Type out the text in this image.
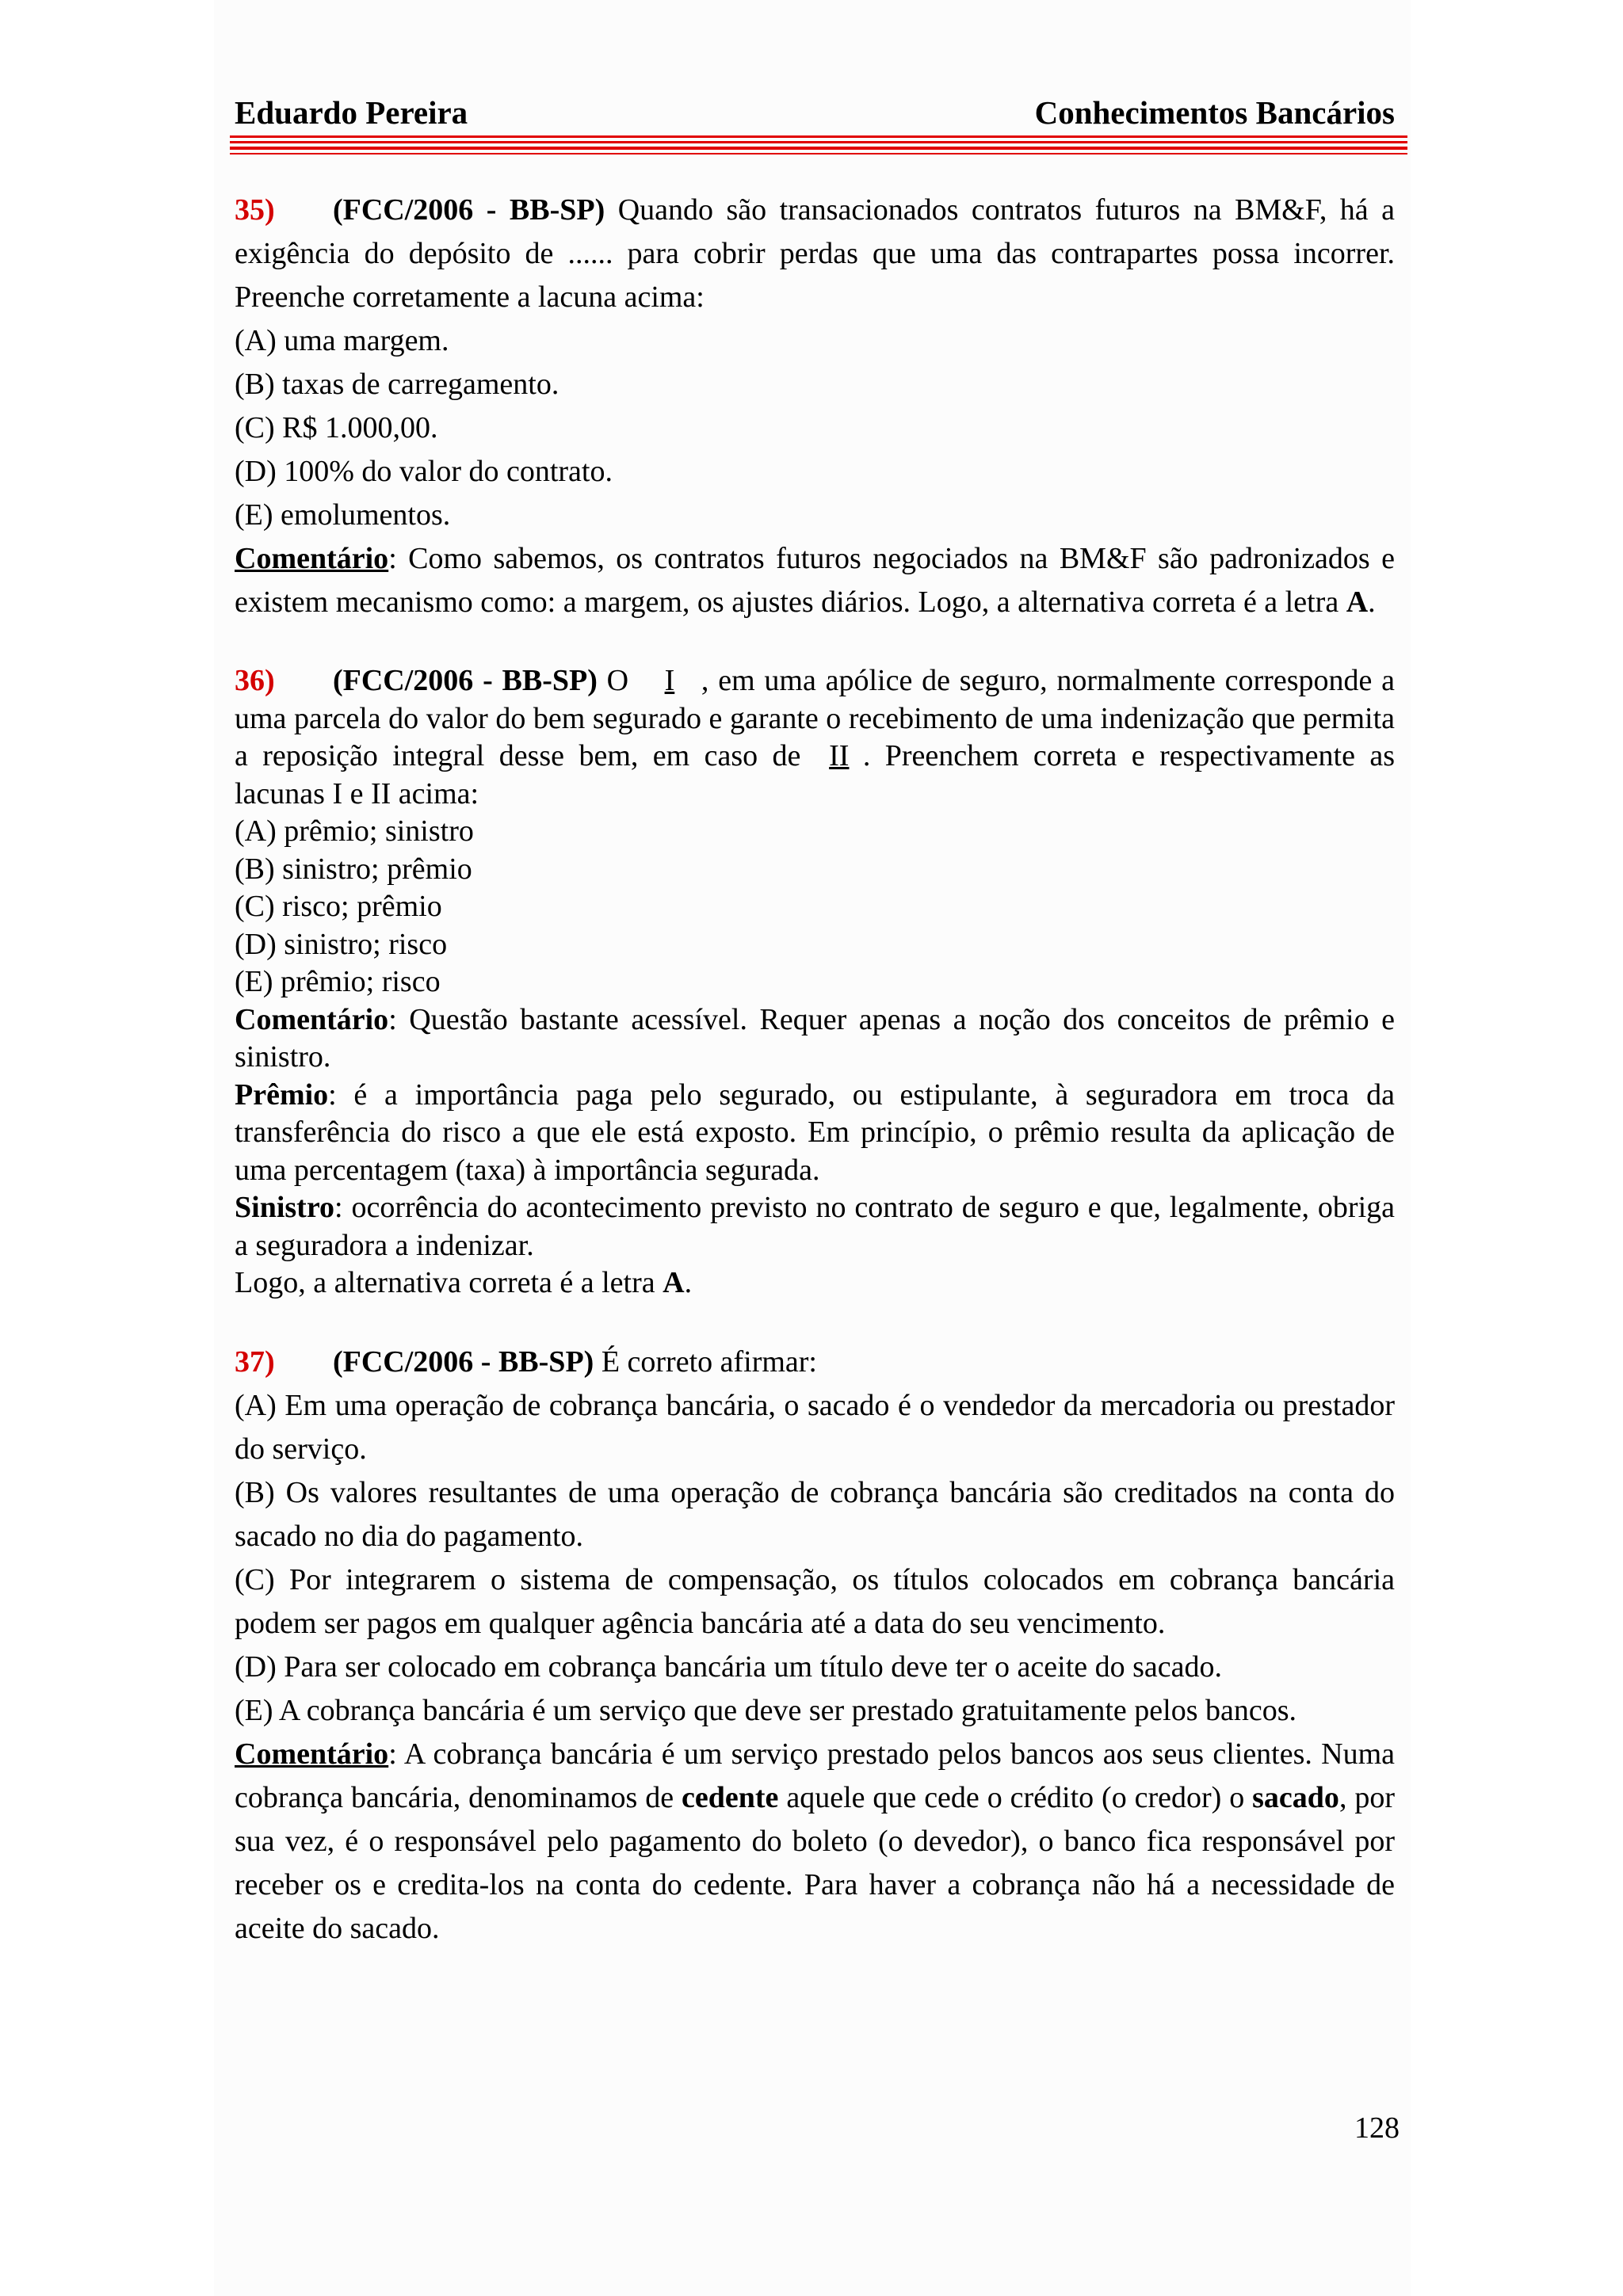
Eduardo Pereira	Conhecimentos Bancários

35) (FCC/2006 - BB-SP) Quando são transacionados contratos futuros na BM&F, há a exigência do depósito de ...... para cobrir perdas que uma das contrapartes possa incorrer. Preenche corretamente a lacuna acima:

(A) uma margem.

(B) taxas de carregamento.

(C) R$ 1.000,00.

(D) 100% do valor do contrato.

(E) emolumentos.

Comentário: Como sabemos, os contratos futuros negociados na BM&F são padronizados e existem mecanismo como: a margem, os ajustes diários. Logo, a alternativa correta é a letra A.

36) (FCC/2006 - BB-SP) O I , em uma apólice de seguro, normalmente corresponde a uma parcela do valor do bem segurado e garante o recebimento de uma indenização que permita a reposição integral desse bem, em caso de II . Preenchem correta e respectivamente as lacunas I e II acima:

(A) prêmio; sinistro

(B) sinistro; prêmio

(C) risco; prêmio

(D) sinistro; risco

(E) prêmio; risco

Comentário: Questão bastante acessível. Requer apenas a noção dos conceitos de prêmio e sinistro.

Prêmio: é a importância paga pelo segurado, ou estipulante, à seguradora em troca da transferência do risco a que ele está exposto. Em princípio, o prêmio resulta da aplicação de uma percentagem (taxa) à importância segurada.

Sinistro: ocorrência do acontecimento previsto no contrato de seguro e que, legalmente, obriga a seguradora a indenizar.

Logo, a alternativa correta é a letra A.

37) (FCC/2006 - BB-SP) É correto afirmar:

(A) Em uma operação de cobrança bancária, o sacado é o vendedor da mercadoria ou prestador do serviço.

(B) Os valores resultantes de uma operação de cobrança bancária são creditados na conta do sacado no dia do pagamento.

(C) Por integrarem o sistema de compensação, os títulos colocados em cobrança bancária podem ser pagos em qualquer agência bancária até a data do seu vencimento.

(D) Para ser colocado em cobrança bancária um título deve ter o aceite do sacado.

(E) A cobrança bancária é um serviço que deve ser prestado gratuitamente pelos bancos.

Comentário: A cobrança bancária é um serviço prestado pelos bancos aos seus clientes. Numa cobrança bancária, denominamos de cedente aquele que cede o crédito (o credor) o sacado, por sua vez, é o responsável pelo pagamento do boleto (o devedor), o banco fica responsável por receber os e credita-los na conta do cedente. Para haver a cobrança não há a necessidade de aceite do sacado.

128
